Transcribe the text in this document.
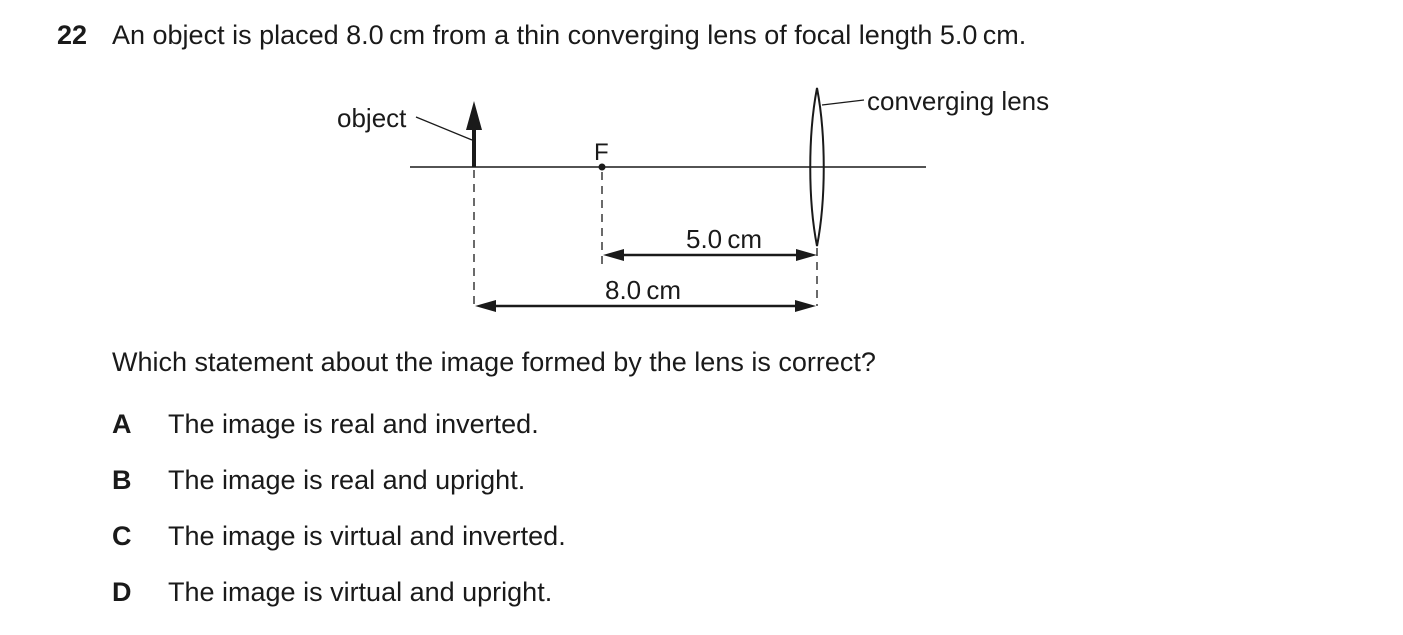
22 An object is placed 8.0 cm from a thin converging lens of focal length 5.0 cm.
object
F
converging lens
5.0 cm
8.0 cm
Which statement about the image formed by the lens is correct?
A The image is real and inverted.
B The image is real and upright.
C The image is virtual and inverted.
D The image is virtual and upright.
